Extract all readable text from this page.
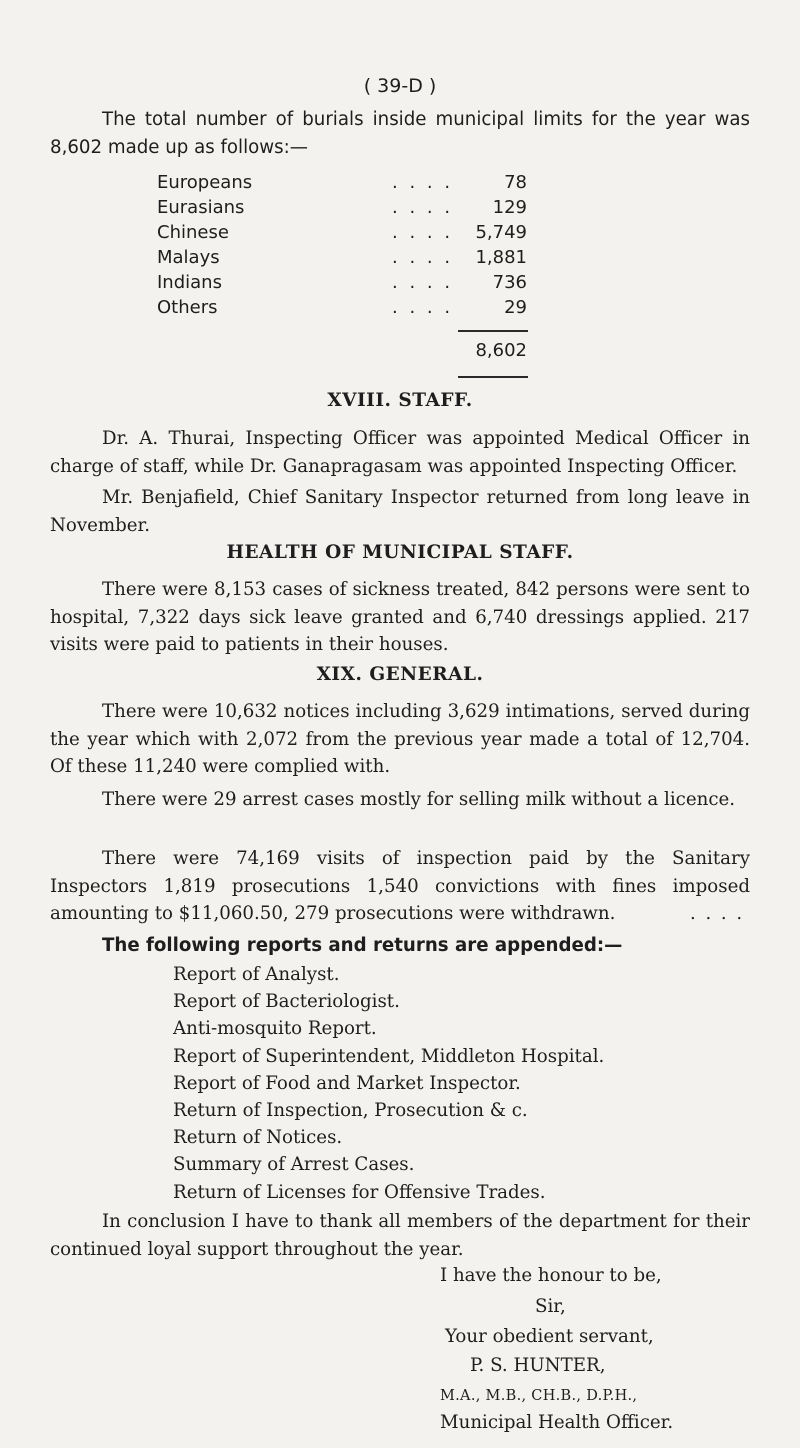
( 39-D )

The total number of burials inside municipal limits for the year was 8,602 made up as follows:—

Europeans	. . . .	78
Eurasians	. . . . 129
Chinese	. . . . 5,749
Malays	. . . . 1,881
Indians	. . . . 736
Others	. . . .	29
8,602
XVIII. STAFF.

Dr. A. Thurai, Inspecting Officer was appointed Medical Officer in charge of staff, while Dr. Ganapragasam was appointed Inspecting Officer.

Mr. Benjafield, Chief Sanitary Inspector returned from long leave in November.

HEALTH OF MUNICIPAL STAFF.

There were 8,153 cases of sickness treated, 842 persons were sent to hospital, 7,322 days sick leave granted and 6,740 dressings applied. 217 visits were paid to patients in their houses.

XIX. GENERAL.

There were 10,632 notices including 3,629 intimations, served during the year which with 2,072 from the previous year made a total of 12,704. Of these 11,240 were complied with.

There were 29 arrest cases mostly for selling milk without a licence.

There were 74,169 visits of inspection paid by the Sanitary Inspectors 1,819 prosecutions 1,540 convictions with fines imposed amounting to $11,060.50, 279 prosecutions were withdrawn.	. . . .
The following reports and returns are appended:—
Report of Analyst.
Report of Bacteriologist.
Anti-mosquito Report.
Report of Superintendent, Middleton Hospital.
Report of Food and Market Inspector.
Return of Inspection, Prosecution & c.
Return of Notices.
Summary of Arrest Cases.
Return of Licenses for Offensive Trades.

In conclusion I have to thank all members of the department for their continued loyal support throughout the year.

I have the honour to be,
Sir,
Your obedient servant,
P. S. HUNTER,
M.A., M.B., CH.B., D.P.H.,
Municipal Health Officer.
